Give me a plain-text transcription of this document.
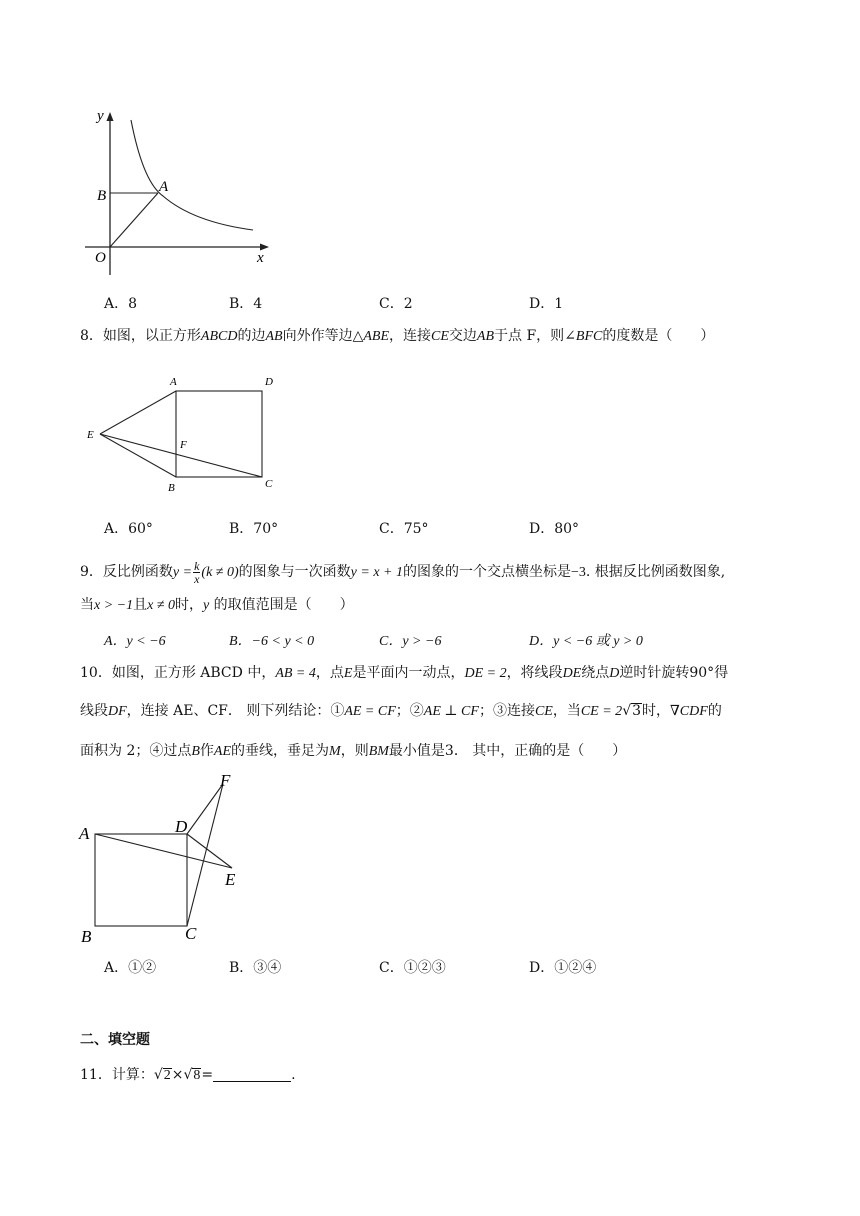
y
B
A
O	x
A．8	B．4	C．2	D．1
8．如图，以正方形ABCD的边AB向外作等边△ABE，连接CE交边AB于点 F，则∠BFC的度数是（　　）
A	D
E
F
B	C
A．60°	B．70°	C．75°	D．80°
9．反比例函数$y = \frac{k}{x} (k \ne 0)$的图象与一次函数y = x + 1的图象的一个交点横坐标是−3. 根据反比例函数图象,
当x > −1且x ≠ 0时，y 的取值范围是（　　）
A．y < −6	B．−6 < y < 0	C．y > −6	D．y < −6 或 y > 0
10．如图，正方形 ABCD 中，AB = 4，点E是平面内一动点，DE = 2，将线段DE绕点D逆时针旋转90°得
线段DF，连接 AE、CF． 则下列结论：①AE = CF；②AE ⊥ CF；③连接CE，当CE = 2√3时，∇CDF的
面积为 2；④过点B作AE的垂线，垂足为M，则BM最小值是3． 其中，正确的是（　　）
F
A	D
E
B	C
A．①②	B．③④	C．①②③	D．①②④
二、填空题
11．计算：√2×√8=	.
